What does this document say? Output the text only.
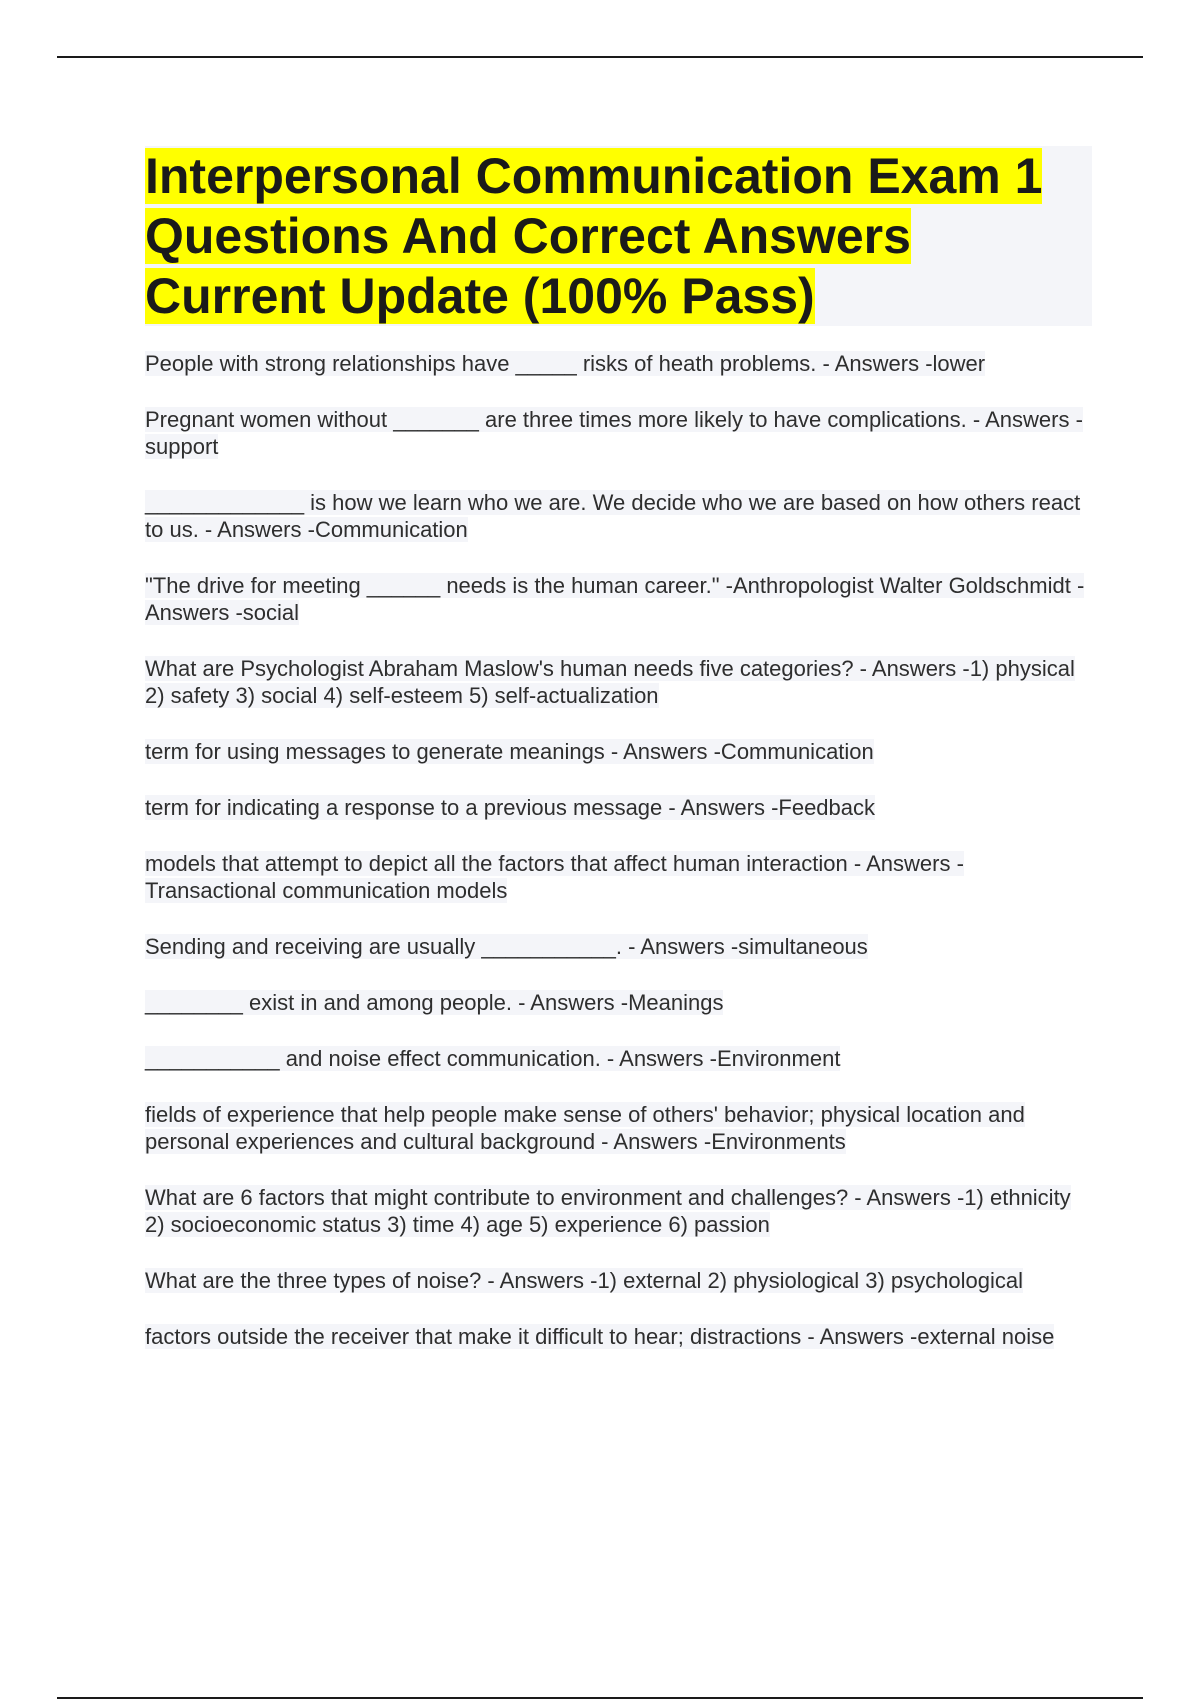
Interpersonal Communication Exam 1
Questions And Correct Answers
Current Update (100% Pass)

People with strong relationships have _____ risks of heath problems. - Answers -lower

Pregnant women without _______ are three times more likely to have complications. - Answers -support

_____________ is how we learn who we are. We decide who we are based on how others react to us. - Answers -Communication

"The drive for meeting ______ needs is the human career." -Anthropologist Walter Goldschmidt - Answers -social

What are Psychologist Abraham Maslow's human needs five categories? - Answers -1) physical 2) safety 3) social 4) self-esteem 5) self-actualization

term for using messages to generate meanings - Answers -Communication

term for indicating a response to a previous message - Answers -Feedback

models that attempt to depict all the factors that affect human interaction - Answers - Transactional communication models

Sending and receiving are usually ___________. - Answers -simultaneous

________ exist in and among people. - Answers -Meanings

___________ and noise effect communication. - Answers -Environment

fields of experience that help people make sense of others' behavior; physical location and personal experiences and cultural background - Answers -Environments

What are 6 factors that might contribute to environment and challenges? - Answers -1) ethnicity 2) socioeconomic status 3) time 4) age 5) experience 6) passion

What are the three types of noise? - Answers -1) external 2) physiological 3) psychological

factors outside the receiver that make it difficult to hear; distractions - Answers -external noise
